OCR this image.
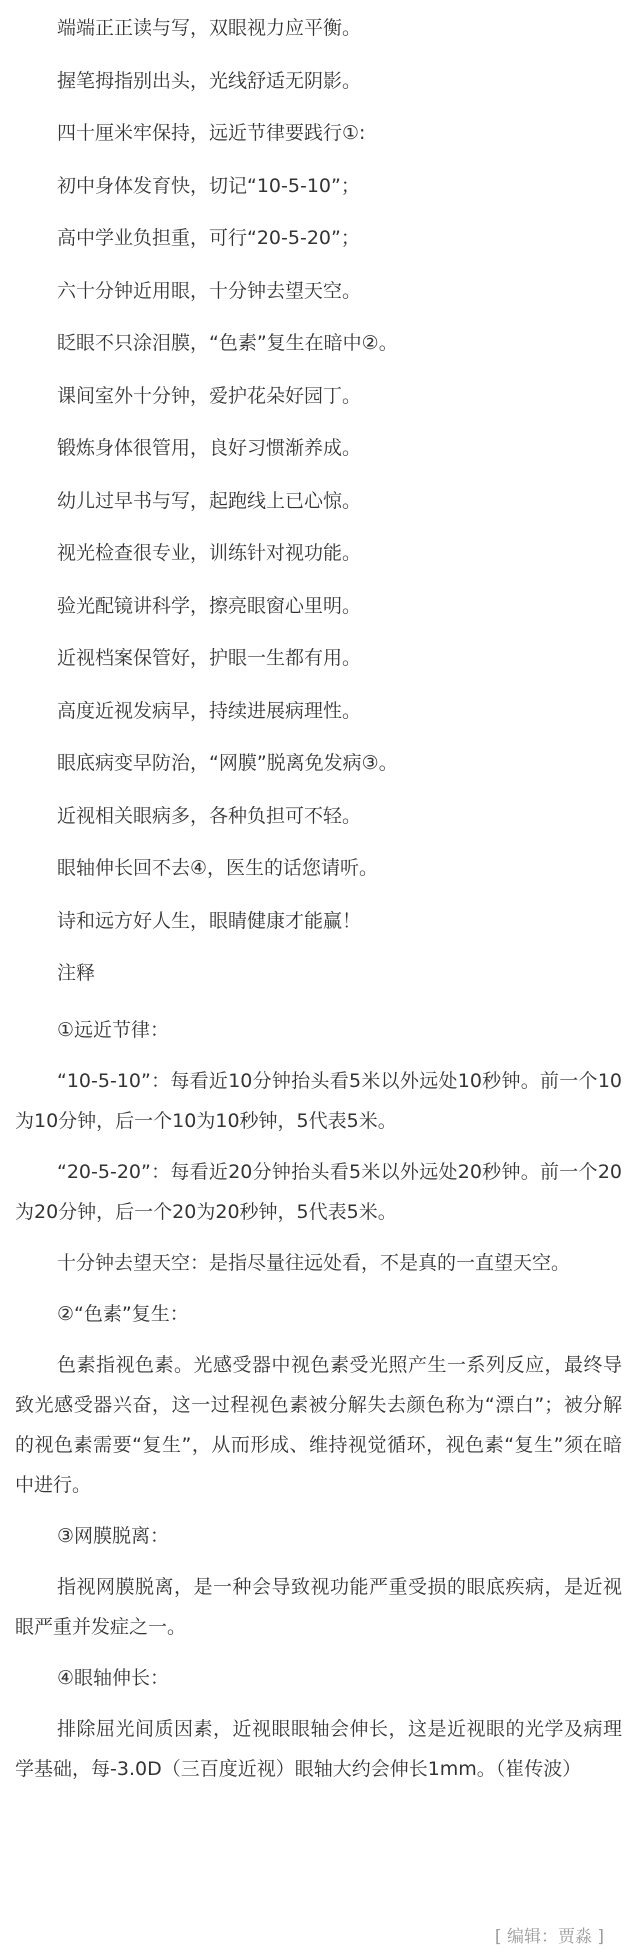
端端正正读与写，双眼视力应平衡。
握笔拇指别出头，光线舒适无阴影。
四十厘米牢保持，远近节律要践行①:
初中身体发育快，切记“10-5-10”；
高中学业负担重，可行“20-5-20”；
六十分钟近用眼，十分钟去望天空。
眨眼不只涂泪膜，“色素”复生在暗中②。
课间室外十分钟，爱护花朵好园丁。
锻炼身体很管用，良好习惯渐养成。
幼儿过早书与写，起跑线上已心惊。
视光检查很专业，训练针对视功能。
验光配镜讲科学，擦亮眼窗心里明。
近视档案保管好，护眼一生都有用。
高度近视发病早，持续进展病理性。
眼底病变早防治，“网膜”脱离免发病③。
近视相关眼病多，各种负担可不轻。
眼轴伸长回不去④，医生的话您请听。
诗和远方好人生，眼睛健康才能赢！
注释
①远近节律：
“10-5-10”：每看近10分钟抬头看5米以外远处10秒钟。前一个10为10分钟，后一个10为10秒钟，5代表5米。
“20-5-20”：每看近20分钟抬头看5米以外远处20秒钟。前一个20为20分钟，后一个20为20秒钟，5代表5米。
十分钟去望天空：是指尽量往远处看，不是真的一直望天空。
②“色素”复生：
色素指视色素。光感受器中视色素受光照产生一系列反应，最终导致光感受器兴奋，这一过程视色素被分解失去颜色称为“漂白”；被分解的视色素需要“复生”，从而形成、维持视觉循环，视色素“复生”须在暗中进行。
③网膜脱离：
指视网膜脱离，是一种会导致视功能严重受损的眼底疾病，是近视眼严重并发症之一。
④眼轴伸长：
排除屈光间质因素，近视眼眼轴会伸长，这是近视眼的光学及病理学基础，每-3.0D（三百度近视）眼轴大约会伸长1mm。（崔传波）
[ 编辑：贾淼 ]
